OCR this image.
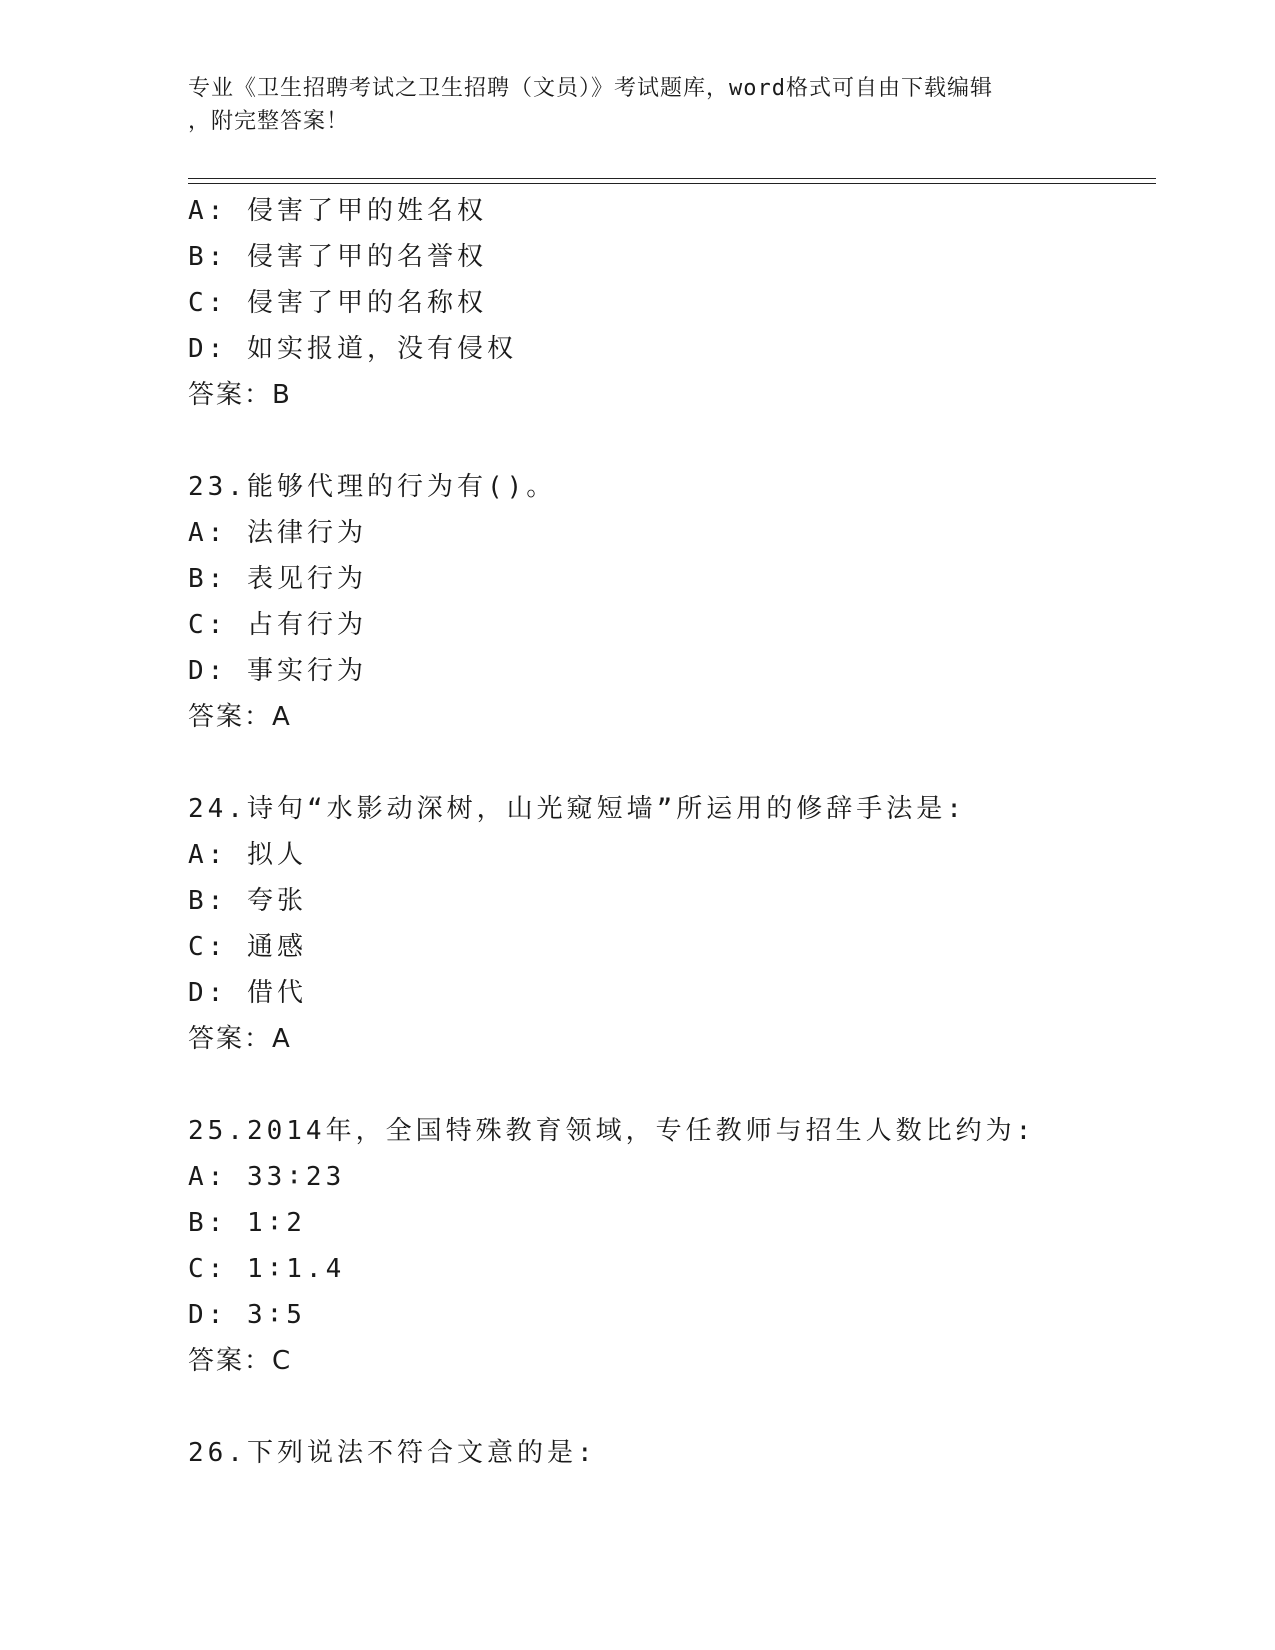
专业《卫生招聘考试之卫生招聘（文员）》考试题库，word格式可自由下载编辑
，附完整答案！
A: 侵害了甲的姓名权
B: 侵害了甲的名誉权
C: 侵害了甲的名称权
D: 如实报道，没有侵权
答案：B
23.能够代理的行为有()。
A: 法律行为
B: 表见行为
C: 占有行为
D: 事实行为
答案：A
24.诗句“水影动深树，山光窥短墙”所运用的修辞手法是:
A: 拟人
B: 夸张
C: 通感
D: 借代
答案：A
25.2014年，全国特殊教育领域，专任教师与招生人数比约为:
A: 33∶23
B: 1∶2
C: 1∶1.4
D: 3∶5
答案：C
26.下列说法不符合文意的是:
